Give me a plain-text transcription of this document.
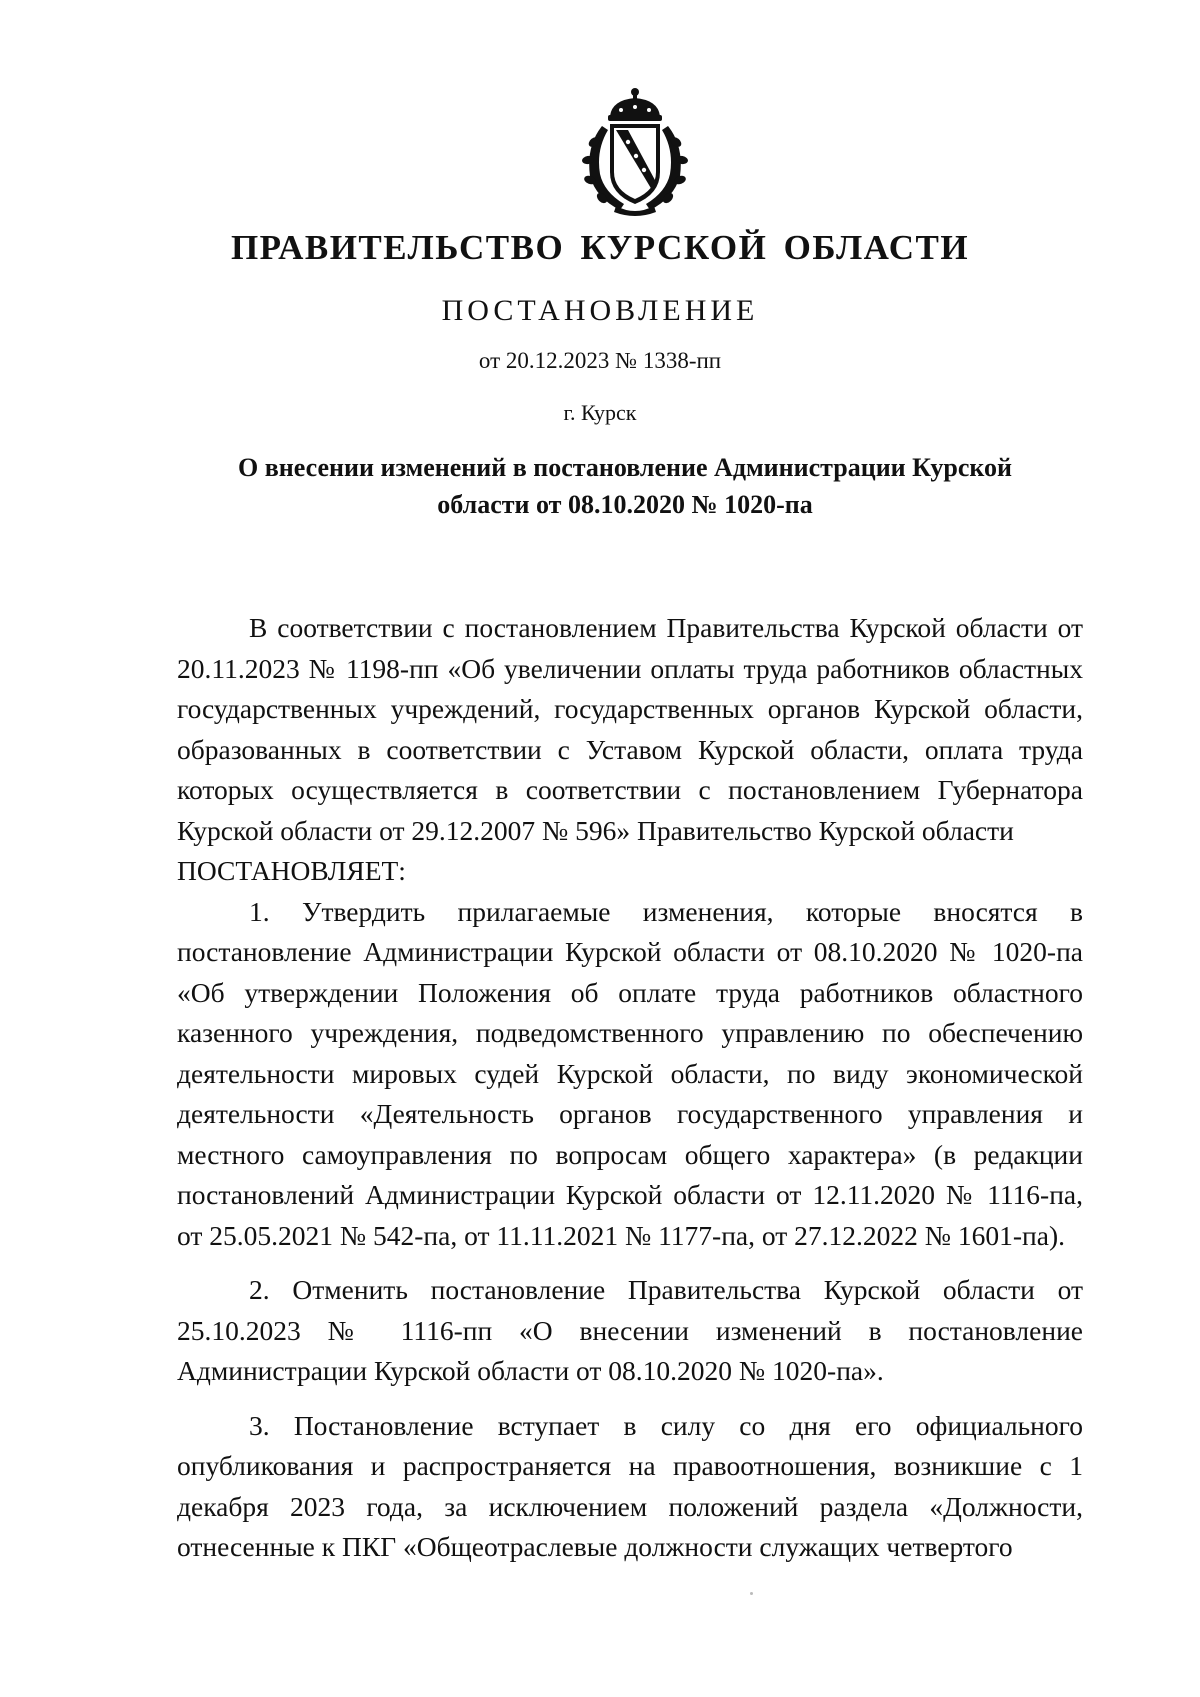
ПРАВИТЕЛЬСТВО КУРСКОЙ ОБЛАСТИ
ПОСТАНОВЛЕНИЕ
от 20.12.2023 № 1338-пп
г. Курск
О внесении изменений в постановление Администрации Курской
области от 08.10.2020 № 1020-па

В соответствии с постановлением Правительства Курской области от 20.11.2023 № 1198-пп «Об увеличении оплаты труда работников областных государственных учреждений, государственных органов Курской области, образованных в соответствии с Уставом Курской области, оплата труда которых осуществляется в соответствии с постановлением Губернатора Курской области от 29.12.2007 № 596» Правительство Курской области
ПОСТАНОВЛЯЕТ:

1. Утвердить прилагаемые изменения, которые вносятся в постановление Администрации Курской области от 08.10.2020 № 1020-па «Об утверждении Положения об оплате труда работников областного казенного учреждения, подведомственного управлению по обеспечению деятельности мировых судей Курской области, по виду экономической деятельности «Деятельность органов государственного управления и местного самоуправления по вопросам общего характера» (в редакции постановлений Администрации Курской области от 12.11.2020 № 1116-па, от 25.05.2021 № 542-па, от 11.11.2021 № 1177-па, от 27.12.2022 № 1601-па).

2. Отменить постановление Правительства Курской области от 25.10.2023 № 1116-пп «О внесении изменений в постановление Администрации Курской области от 08.10.2020 № 1020-па».

3. Постановление вступает в силу со дня его официального опубликования и распространяется на правоотношения, возникшие с 1 декабря 2023 года, за исключением положений раздела «Должности, отнесенные к ПКГ «Общеотраслевые должности служащих четвертого
